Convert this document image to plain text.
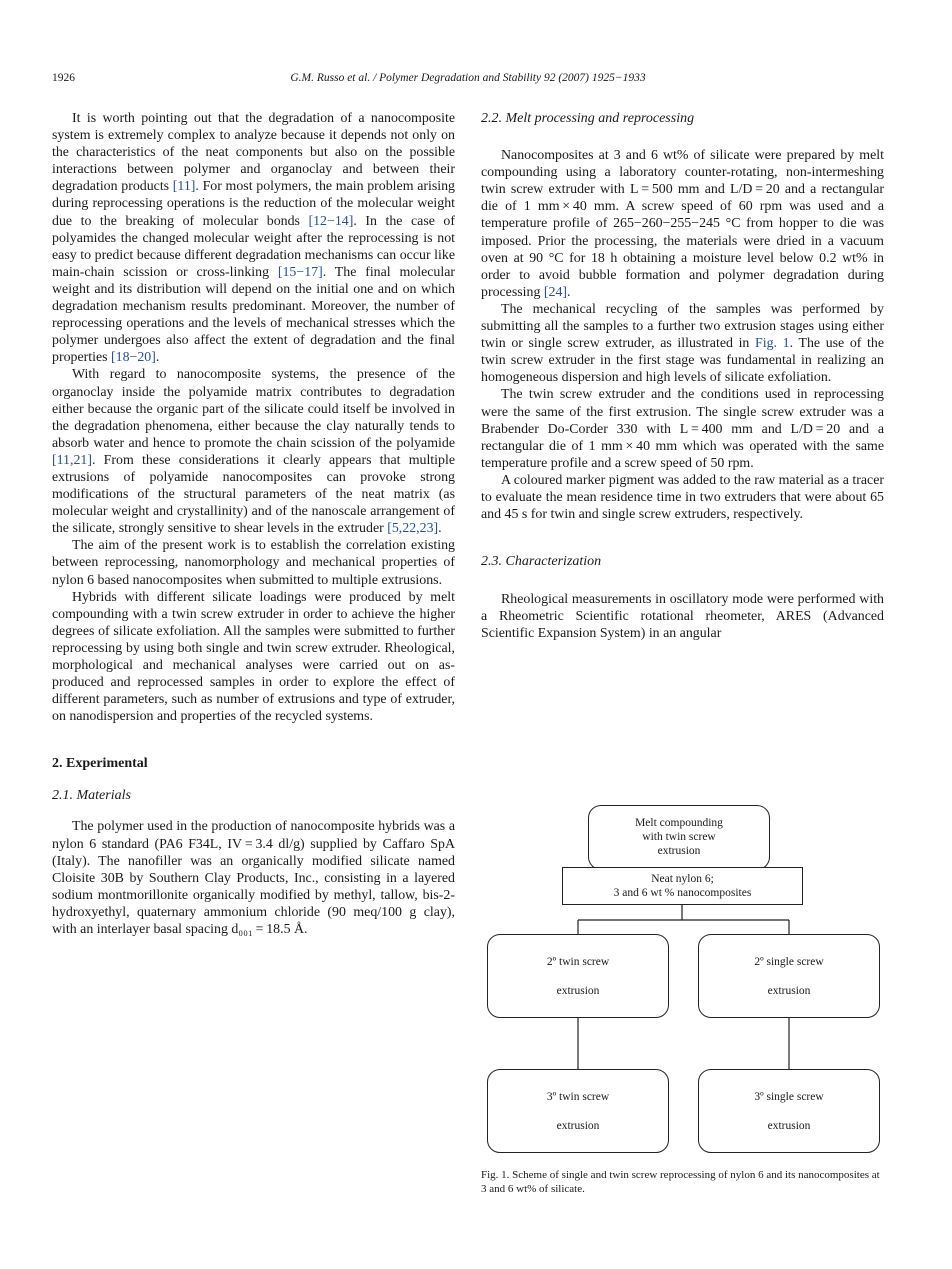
1926	G.M. Russo et al. / Polymer Degradation and Stability 92 (2007) 1925−1933

It is worth pointing out that the degradation of a nanocomposite system is extremely complex to analyze because it depends not only on the characteristics of the neat components but also on the possible interactions between polymer and organoclay and between their degradation products [11]. For most polymers, the main problem arising during reprocessing operations is the reduction of the molecular weight due to the breaking of molecular bonds [12−14]. In the case of polyamides the changed molecular weight after the reprocessing is not easy to predict because different degradation mechanisms can occur like main-chain scission or cross-linking [15−17]. The final molecular weight and its distribution will depend on the initial one and on which degradation mechanism results predominant. Moreover, the number of reprocessing operations and the levels of mechanical stresses which the polymer undergoes also affect the extent of degradation and the final properties [18−20].

With regard to nanocomposite systems, the presence of the organoclay inside the polyamide matrix contributes to degradation either because the organic part of the silicate could itself be involved in the degradation phenomena, either because the clay naturally tends to absorb water and hence to promote the chain scission of the polyamide [11,21]. From these considerations it clearly appears that multiple extrusions of polyamide nanocomposites can provoke strong modifications of the structural parameters of the neat matrix (as molecular weight and crystallinity) and of the nanoscale arrangement of the silicate, strongly sensitive to shear levels in the extruder [5,22,23].

The aim of the present work is to establish the correlation existing between reprocessing, nanomorphology and mechanical properties of nylon 6 based nanocomposites when submitted to multiple extrusions.

Hybrids with different silicate loadings were produced by melt compounding with a twin screw extruder in order to achieve the higher degrees of silicate exfoliation. All the samples were submitted to further reprocessing by using both single and twin screw extruder. Rheological, morphological and mechanical analyses were carried out on as-produced and reprocessed samples in order to explore the effect of different parameters, such as number of extrusions and type of extruder, on nanodispersion and properties of the recycled systems.

2. Experimental
2.1. Materials

The polymer used in the production of nanocomposite hybrids was a nylon 6 standard (PA6 F34L, IV = 3.4 dl/g) supplied by Caffaro SpA (Italy). The nanofiller was an organically modified silicate named Cloisite 30B by Southern Clay Products, Inc., consisting in a layered sodium montmorillonite organically modified by methyl, tallow, bis-2-hydroxyethyl, quaternary ammonium chloride (90 meq/100 g clay), with an interlayer basal spacing d₀₀₁ = 18.5 Å.

2.2. Melt processing and reprocessing

Nanocomposites at 3 and 6 wt% of silicate were prepared by melt compounding using a laboratory counter-rotating, non-intermeshing twin screw extruder with L = 500 mm and L/D = 20 and a rectangular die of 1 mm × 40 mm. A screw speed of 60 rpm was used and a temperature profile of 265−260−255−245 °C from hopper to die was imposed. Prior the processing, the materials were dried in a vacuum oven at 90 °C for 18 h obtaining a moisture level below 0.2 wt% in order to avoid bubble formation and polymer degradation during processing [24].

The mechanical recycling of the samples was performed by submitting all the samples to a further two extrusion stages using either twin or single screw extruder, as illustrated in Fig. 1. The use of the twin screw extruder in the first stage was fundamental in realizing an homogeneous dispersion and high levels of silicate exfoliation.

The twin screw extruder and the conditions used in reprocessing were the same of the first extrusion. The single screw extruder was a Brabender Do-Corder 330 with L = 400 mm and L/D = 20 and a rectangular die of 1 mm × 40 mm which was operated with the same temperature profile and a screw speed of 50 rpm.

A coloured marker pigment was added to the raw material as a tracer to evaluate the mean residence time in two extruders that were about 65 and 45 s for twin and single screw extruders, respectively.

2.3. Characterization

Rheological measurements in oscillatory mode were performed with a Rheometric Scientific rotational rheometer, ARES (Advanced Scientific Expansion System) in an angular

Melt compounding
with twin screw
extrusion
Neat nylon 6;
3 and 6 wt % nanocomposites
2º twin screw
extrusion
2º single screw
extrusion
3º twin screw
extrusion
3º single screw
extrusion
Fig. 1. Scheme of single and twin screw reprocessing of nylon 6 and its nanocomposites at 3 and 6 wt% of silicate.
